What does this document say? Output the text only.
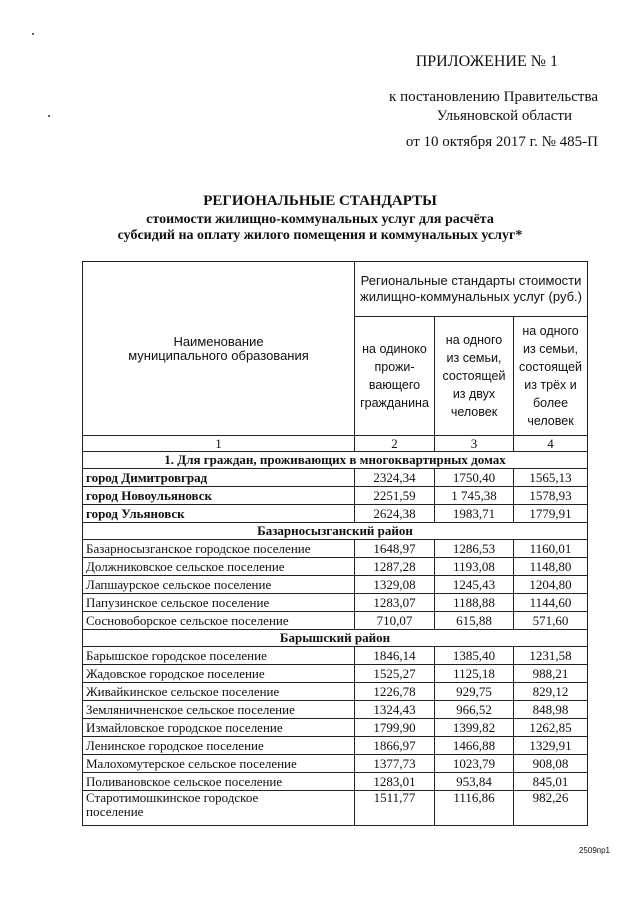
ПРИЛОЖЕНИЕ № 1
к постановлению Правительства
Ульяновской области
от 10 октября 2017 г. № 485-П
РЕГИОНАЛЬНЫЕ СТАНДАРТЫ
стоимости жилищно-коммунальных услуг для расчёта
субсидий на оплату жилого помещения и коммунальных услуг*
Наименование муниципального образования	Региональные стандарты стоимости жилищно-коммунальных услуг (руб.)		
	на одиноко прожи-вающего гражданина	на одного из семьи, состоящей из двух человек	на одного из семьи, состоящей из трёх и более человек
1	2	3	4
1. Для граждан, проживающих в многоквартирных домах			
город Димитровград	2324,34	1750,40	1565,13
город Новоульяновск	2251,59	1 745,38	1578,93
город Ульяновск	2624,38	1983,71	1779,91
Базарносызганский район			
Базарносызганское городское поселение	1648,97	1286,53	1160,01
Должниковское сельское поселение	1287,28	1193,08	1148,80
Лапшаурское сельское поселение	1329,08	1245,43	1204,80
Папузинское сельское поселение	1283,07	1188,88	1144,60
Сосновоборское сельское поселение	710,07	615,88	571,60
Барышский район			
Барышское городское поселение	1846,14	1385,40	1231,58
Жадовское городское поселение	1525,27	1125,18	988,21
Живайкинское сельское поселение	1226,78	929,75	829,12
Земляничненское сельское поселение	1324,43	966,52	848,98
Измайловское городское поселение	1799,90	1399,82	1262,85
Ленинское городское поселение	1866,97	1466,88	1329,91
Малохомутерское сельское поселение	1377,73	1023,79	908,08
Поливановское сельское поселение	1283,01	953,84	845,01
Старотимошкинское городское поселение	1511,77	1116,86	982,26
2509пр1
